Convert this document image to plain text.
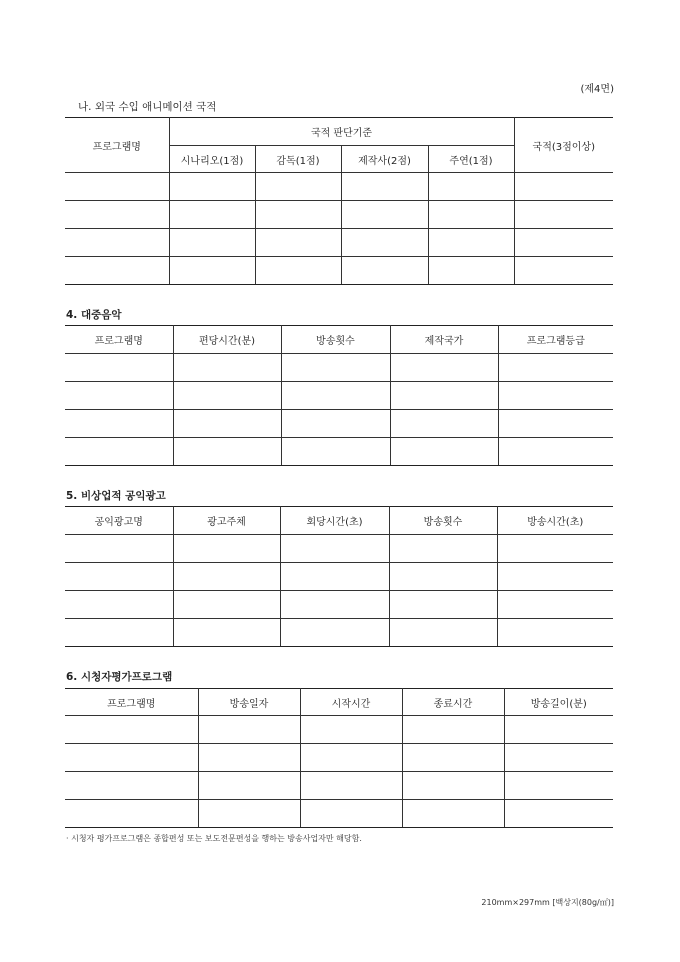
(제4면)
나. 외국 수입 애니메이션 국적
프로그램명	국적 판단기준				국적(3점이상)
	시나리오(1점)	감독(1점)	제작사(2점)	주연(1점)	

4. 대중음악
프로그램명	편당시간(분)	방송횟수	제작국가	프로그램등급

5. 비상업적 공익광고
공익광고명	광고주체	회당시간(초)	방송횟수	방송시간(초)

6. 시청자평가프로그램
프로그램명	방송일자	시작시간	종료시간	방송길이(분)

· 시청자 평가프로그램은 종합편성 또는 보도전문편성을 행하는 방송사업자만 해당함.
210mm×297mm [백상지(80g/㎡)]
